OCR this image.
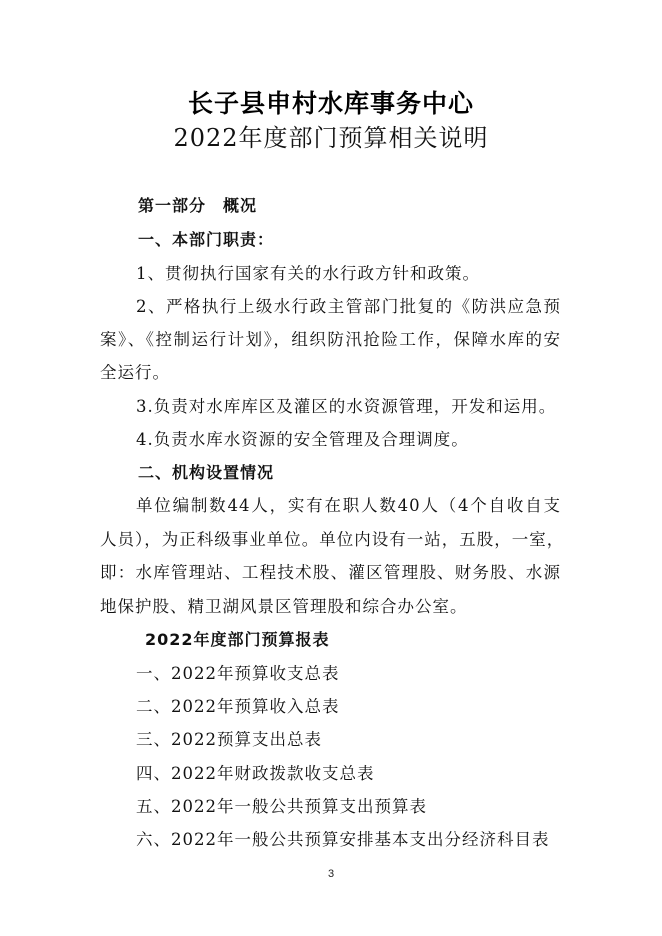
长子县申村水库事务中心
2022年度部门预算相关说明
第一部分　概况
一、本部门职责：
1、贯彻执行国家有关的水行政方针和政策。
2、严格执行上级水行政主管部门批复的《防洪应急预
案》、《控制运行计划》，组织防汛抢险工作，保障水库的安
全运行。
3.负责对水库库区及灌区的水资源管理，开发和运用。
4.负责水库水资源的安全管理及合理调度。
二、机构设置情况
单位编制数44人，实有在职人数40人（4个自收自支
人员），为正科级事业单位。单位内设有一站，五股，一室，
即：水库管理站、工程技术股、灌区管理股、财务股、水源
地保护股、精卫湖风景区管理股和综合办公室。
2022年度部门预算报表
一、2022年预算收支总表
二、2022年预算收入总表
三、2022预算支出总表
四、2022年财政拨款收支总表
五、2022年一般公共预算支出预算表
六、2022年一般公共预算安排基本支出分经济科目表
3
